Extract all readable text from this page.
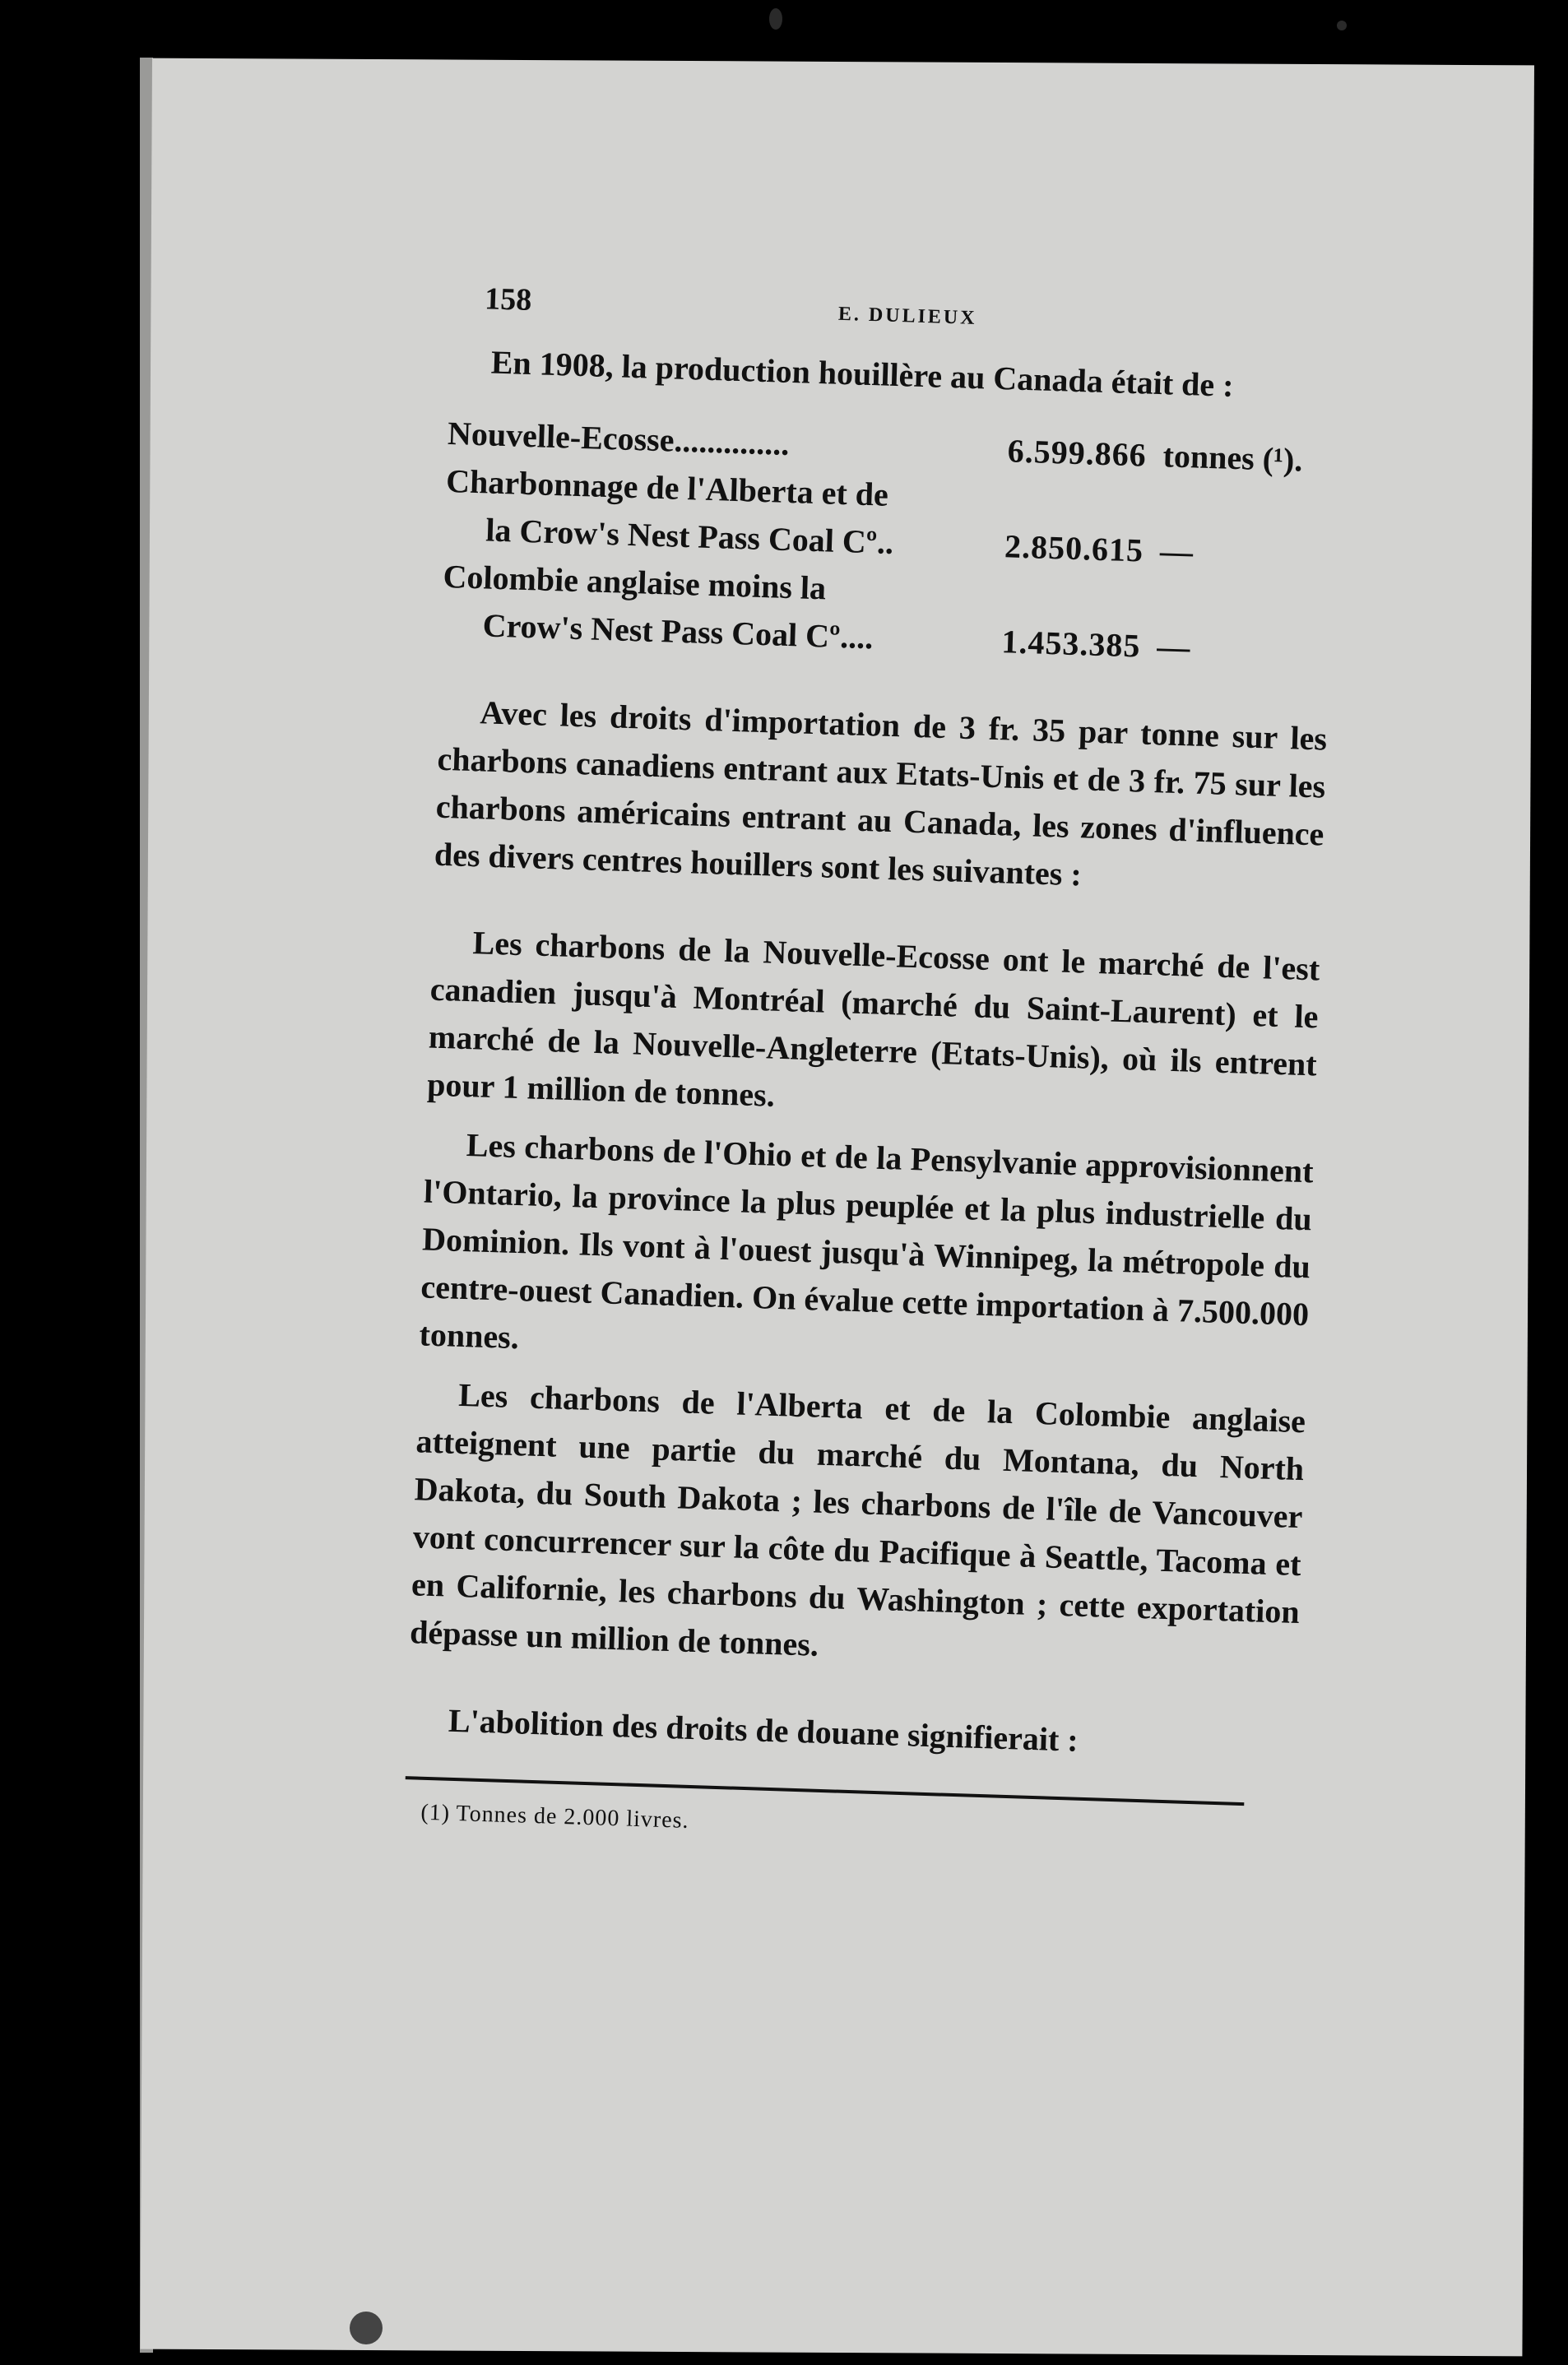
158	E. DULIEUX

En 1908, la production houillère au Canada était de :

Nouvelle-Ecosse..............	6.599.866 tonnes (¹).
Charbonnage de l'Alberta et de
la Crow's Nest Pass Coal Cº..	2.850.615 —
Colombie anglaise moins la
Crow's Nest Pass Coal Cº....	1.453.385 —

Avec les droits d'importation de 3 fr. 35 par tonne sur les charbons canadiens entrant aux Etats-Unis et de 3 fr. 75 sur les charbons américains entrant au Canada, les zones d'influence des divers centres houillers sont les suivantes :

Les charbons de la Nouvelle-Ecosse ont le marché de l'est canadien jusqu'à Montréal (marché du Saint-Laurent) et le marché de la Nouvelle-Angleterre (Etats-Unis), où ils entrent pour 1 million de tonnes.

Les charbons de l'Ohio et de la Pensylvanie approvisionnent l'Ontario, la province la plus peuplée et la plus industrielle du Dominion. Ils vont à l'ouest jusqu'à Winnipeg, la métropole du centre-ouest Canadien. On évalue cette importation à 7.500.000 tonnes.

Les charbons de l'Alberta et de la Colombie anglaise atteignent une partie du marché du Montana, du North Dakota, du South Dakota ; les charbons de l'île de Vancouver vont concurrencer sur la côte du Pacifique à Seattle, Tacoma et en Californie, les charbons du Washington ; cette exportation dépasse un million de tonnes.

L'abolition des droits de douane signifierait :

(1) Tonnes de 2.000 livres.
